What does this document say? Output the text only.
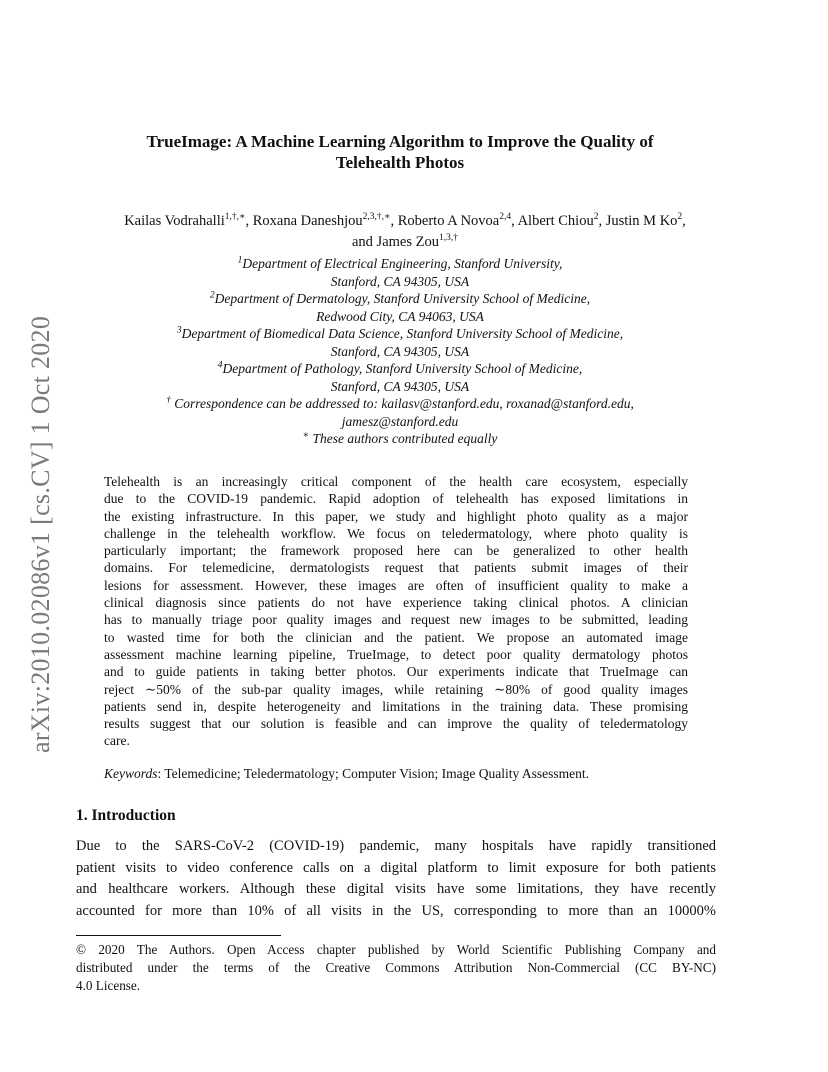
arXiv:2010.02086v1 [cs.CV] 1 Oct 2020
TrueImage: A Machine Learning Algorithm to Improve the Quality of
Telehealth Photos
Kailas Vodrahalli$^{1,\dagger,∗}$, Roxana Daneshjou$^{2,3,\dagger,∗}$, Roberto A Novoa$^{2,4}$, Albert Chiou$^2$, Justin M Ko$^2$,
and James Zou$^{1,3,\dagger}$
$^1$Department of Electrical Engineering, Stanford University,
Stanford, CA 94305, USA
$^2$Department of Dermatology, Stanford University School of Medicine,
Redwood City, CA 94063, USA
$^3$Department of Biomedical Data Science, Stanford University School of Medicine,
Stanford, CA 94305, USA
$^4$Department of Pathology, Stanford University School of Medicine,
Stanford, CA 94305, USA
† Correspondence can be addressed to: kailasv@stanford.edu, roxanad@stanford.edu,
jamesz@stanford.edu
∗ These authors contributed equally
Telehealth is an increasingly critical component of the health care ecosystem, especially
due to the COVID-19 pandemic. Rapid adoption of telehealth has exposed limitations in
the existing infrastructure. In this paper, we study and highlight photo quality as a major
challenge in the telehealth workflow. We focus on teledermatology, where photo quality is
particularly important; the framework proposed here can be generalized to other health
domains. For telemedicine, dermatologists request that patients submit images of their
lesions for assessment. However, these images are often of insufficient quality to make a
clinical diagnosis since patients do not have experience taking clinical photos. A clinician
has to manually triage poor quality images and request new images to be submitted, leading
to wasted time for both the clinician and the patient. We propose an automated image
assessment machine learning pipeline, TrueImage, to detect poor quality dermatology photos
and to guide patients in taking better photos. Our experiments indicate that TrueImage can
reject ∼50% of the sub-par quality images, while retaining ∼80% of good quality images
patients send in, despite heterogeneity and limitations in the training data. These promising
results suggest that our solution is feasible and can improve the quality of teledermatology
care.
Keywords: Telemedicine; Teledermatology; Computer Vision; Image Quality Assessment.
1. Introduction
Due to the SARS-CoV-2 (COVID-19) pandemic, many hospitals have rapidly transitioned
patient visits to video conference calls on a digital platform to limit exposure for both patients
and healthcare workers. Although these digital visits have some limitations, they have recently
accounted for more than 10% of all visits in the US, corresponding to more than an 10000%
© 2020 The Authors. Open Access chapter published by World Scientific Publishing Company and
distributed under the terms of the Creative Commons Attribution Non-Commercial (CC BY-NC)
4.0 License.
